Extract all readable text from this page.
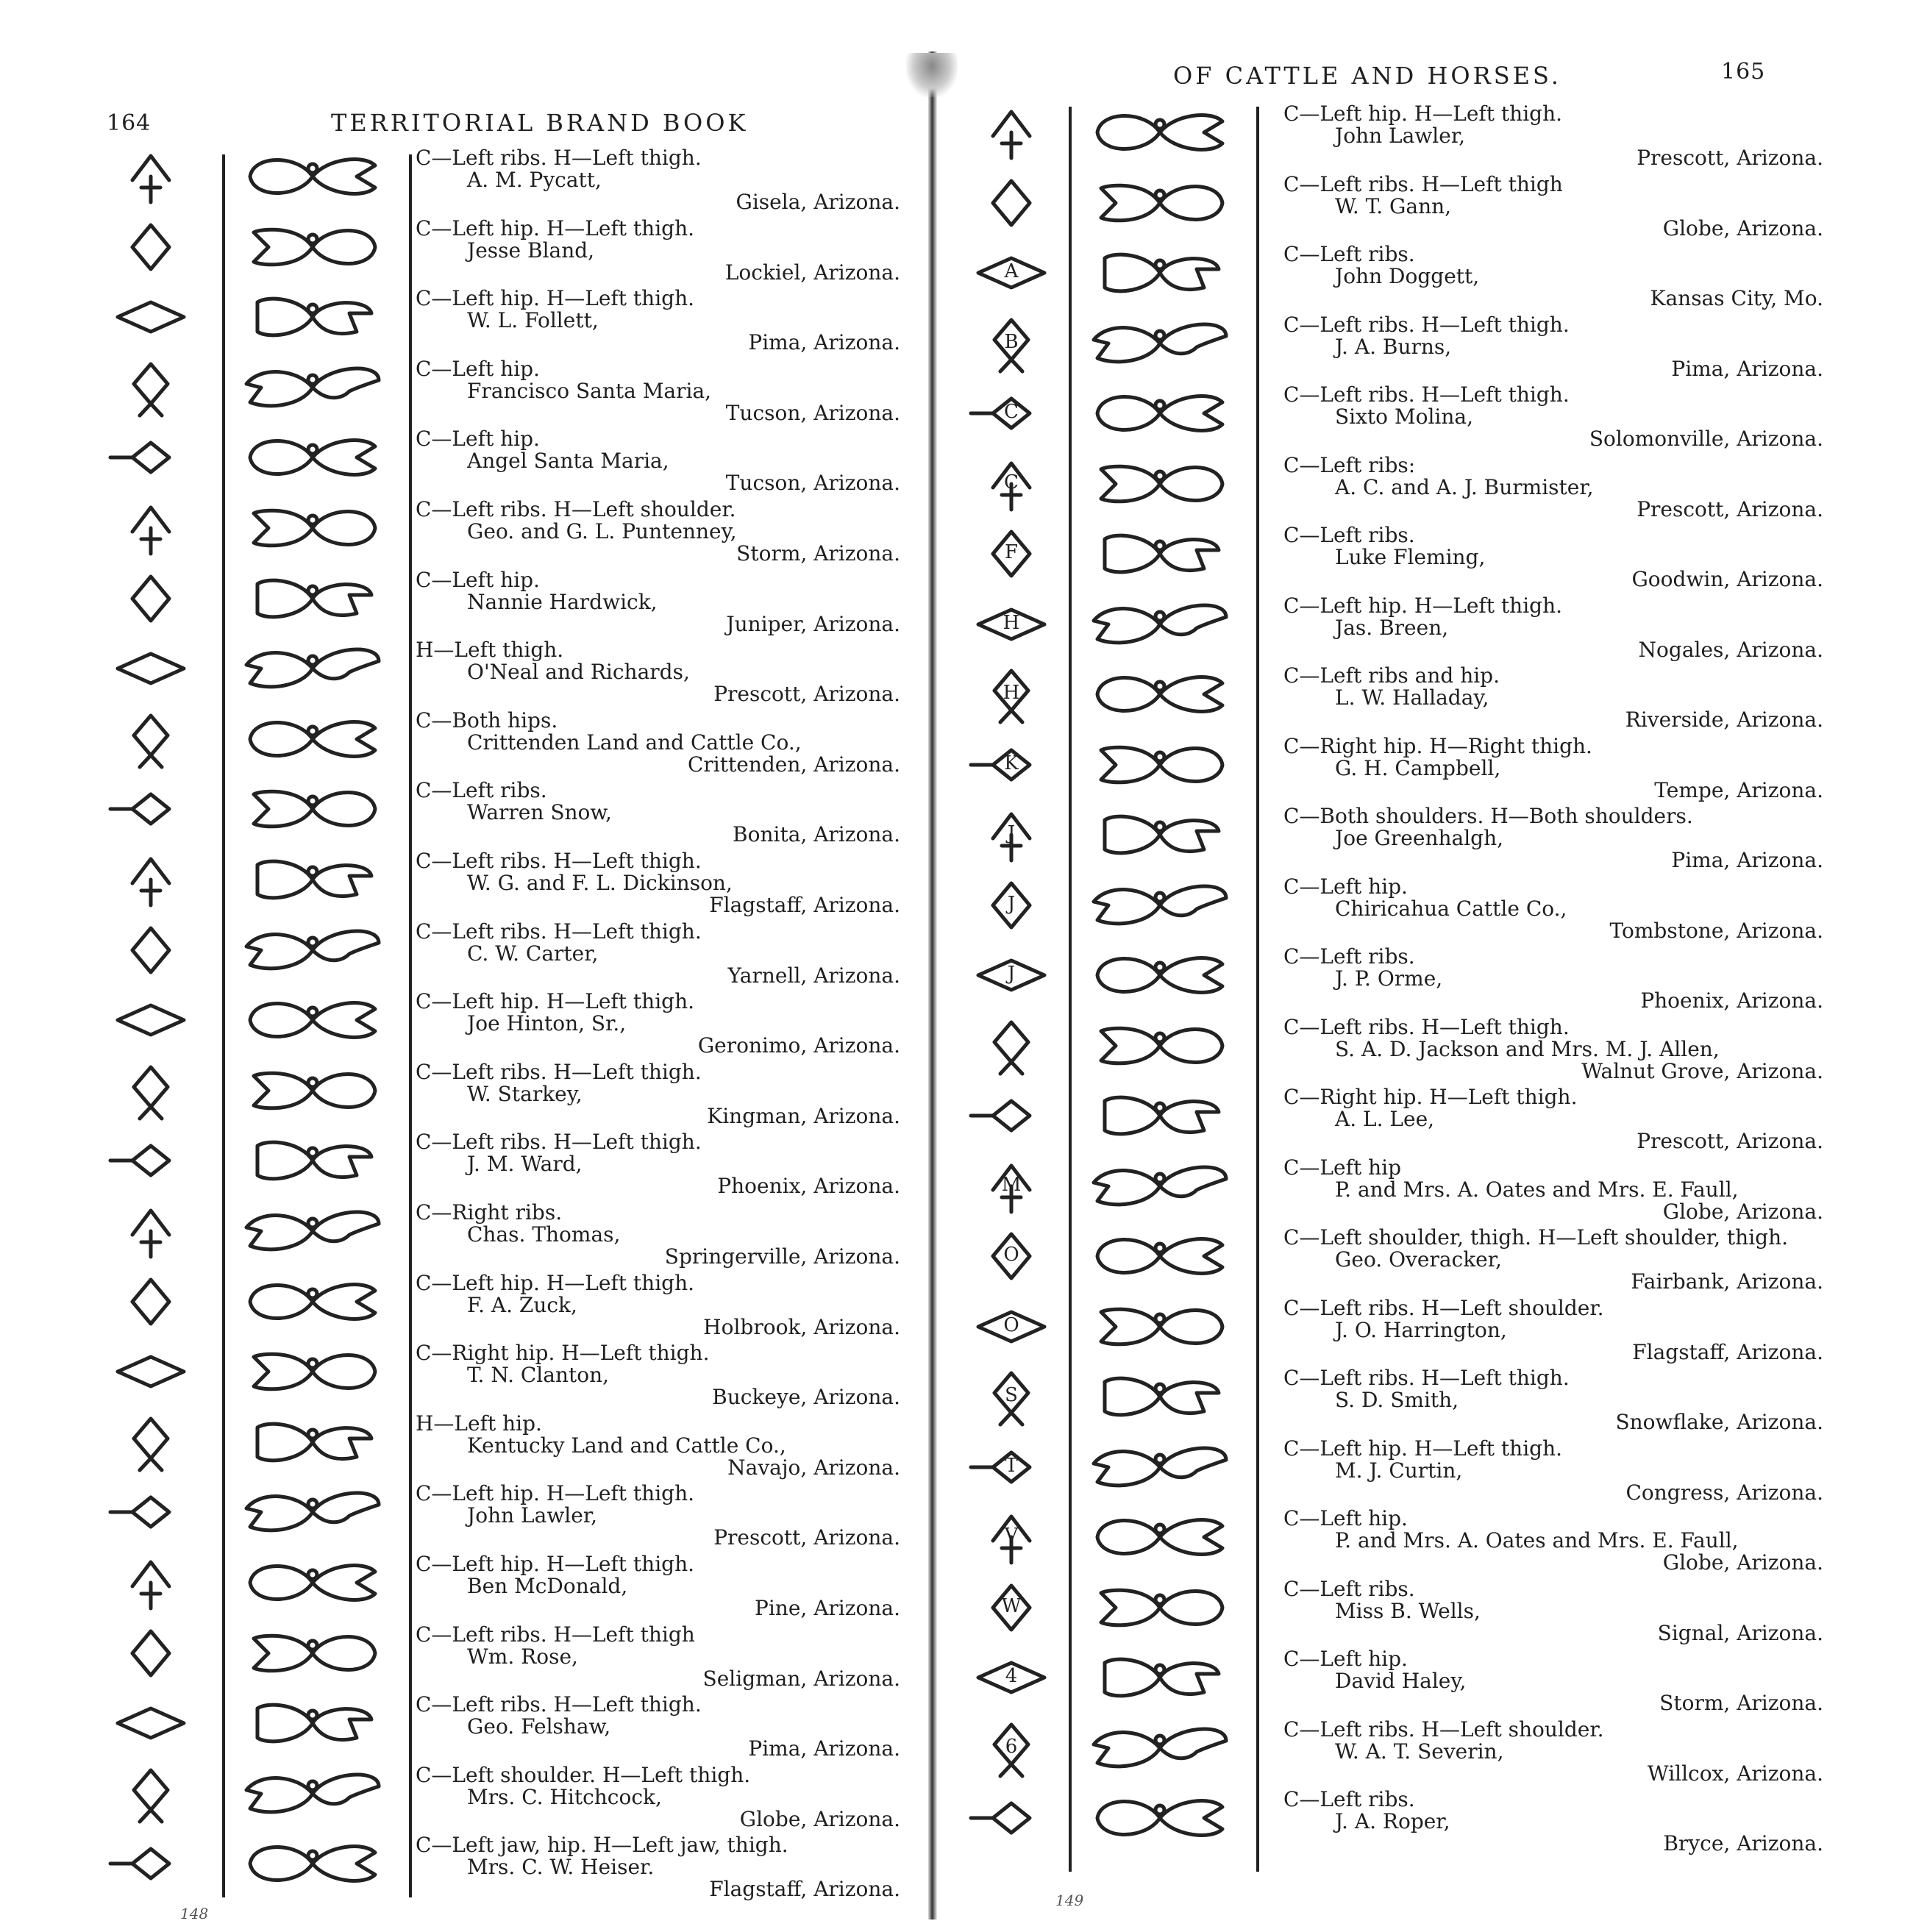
164	TERRITORIAL BRAND BOOK
C—Left ribs. H—Left thigh.
A. M. Pycatt,
Gisela, Arizona.
C—Left hip. H—Left thigh.
Jesse Bland,
Lockiel, Arizona.
C—Left hip. H—Left thigh.
W. L. Follett,
Pima, Arizona.
C—Left hip.
Francisco Santa Maria,
Tucson, Arizona.
C—Left hip.
Angel Santa Maria,
Tucson, Arizona.
C—Left ribs. H—Left shoulder.
Geo. and G. L. Puntenney,
Storm, Arizona.
C—Left hip.
Nannie Hardwick,
Juniper, Arizona.
H—Left thigh.
O'Neal and Richards,
Prescott, Arizona.
C—Both hips.
Crittenden Land and Cattle Co.,
Crittenden, Arizona.
C—Left ribs.
Warren Snow,
Bonita, Arizona.
C—Left ribs. H—Left thigh.
W. G. and F. L. Dickinson,
Flagstaff, Arizona.
C—Left ribs. H—Left thigh.
C. W. Carter,
Yarnell, Arizona.
C—Left hip. H—Left thigh.
Joe Hinton, Sr.,
Geronimo, Arizona.
C—Left ribs. H—Left thigh.
W. Starkey,
Kingman, Arizona.
C—Left ribs. H—Left thigh.
J. M. Ward,
Phoenix, Arizona.
C—Right ribs.
Chas. Thomas,
Springerville, Arizona.
C—Left hip. H—Left thigh.
F. A. Zuck,
Holbrook, Arizona.
C—Right hip. H—Left thigh.
T. N. Clanton,
Buckeye, Arizona.
H—Left hip.
Kentucky Land and Cattle Co.,
Navajo, Arizona.
C—Left hip. H—Left thigh.
John Lawler,
Prescott, Arizona.
C—Left hip. H—Left thigh.
Ben McDonald,
Pine, Arizona.
C—Left ribs. H—Left thigh
Wm. Rose,
Seligman, Arizona.
C—Left ribs. H—Left thigh.
Geo. Felshaw,
Pima, Arizona.
C—Left shoulder. H—Left thigh.
Mrs. C. Hitchcock,
Globe, Arizona.
C—Left jaw, hip. H—Left jaw, thigh.
Mrs. C. W. Heiser.
Flagstaff, Arizona.
148
OF CATTLE AND HORSES.	165
A
B
C
C
F
H
H
K
J
J
J
M
O
O
S
T
V
W
4
6
C—Left hip. H—Left thigh.
John Lawler,
Prescott, Arizona.
C—Left ribs. H—Left thigh
W. T. Gann,
Globe, Arizona.
C—Left ribs.
John Doggett,
Kansas City, Mo.
C—Left ribs. H—Left thigh.
J. A. Burns,
Pima, Arizona.
C—Left ribs. H—Left thigh.
Sixto Molina,
Solomonville, Arizona.
C—Left ribs:
A. C. and A. J. Burmister,
Prescott, Arizona.
C—Left ribs.
Luke Fleming,
Goodwin, Arizona.
C—Left hip. H—Left thigh.
Jas. Breen,
Nogales, Arizona.
C—Left ribs and hip.
L. W. Halladay,
Riverside, Arizona.
C—Right hip. H—Right thigh.
G. H. Campbell,
Tempe, Arizona.
C—Both shoulders. H—Both shoulders.
Joe Greenhalgh,
Pima, Arizona.
C—Left hip.
Chiricahua Cattle Co.,
Tombstone, Arizona.
C—Left ribs.
J. P. Orme,
Phoenix, Arizona.
C—Left ribs. H—Left thigh.
S. A. D. Jackson and Mrs. M. J. Allen,
Walnut Grove, Arizona.
C—Right hip. H—Left thigh.
A. L. Lee,
Prescott, Arizona.
C—Left hip
P. and Mrs. A. Oates and Mrs. E. Faull,
Globe, Arizona.
C—Left shoulder, thigh. H—Left shoulder, thigh.
Geo. Overacker,
Fairbank, Arizona.
C—Left ribs. H—Left shoulder.
J. O. Harrington,
Flagstaff, Arizona.
C—Left ribs. H—Left thigh.
S. D. Smith,
Snowflake, Arizona.
C—Left hip. H—Left thigh.
M. J. Curtin,
Congress, Arizona.
C—Left hip.
P. and Mrs. A. Oates and Mrs. E. Faull,
Globe, Arizona.
C—Left ribs.
Miss B. Wells,
Signal, Arizona.
C—Left hip.
David Haley,
Storm, Arizona.
C—Left ribs. H—Left shoulder.
W. A. T. Severin,
Willcox, Arizona.
C—Left ribs.
J. A. Roper,
Bryce, Arizona.
149
